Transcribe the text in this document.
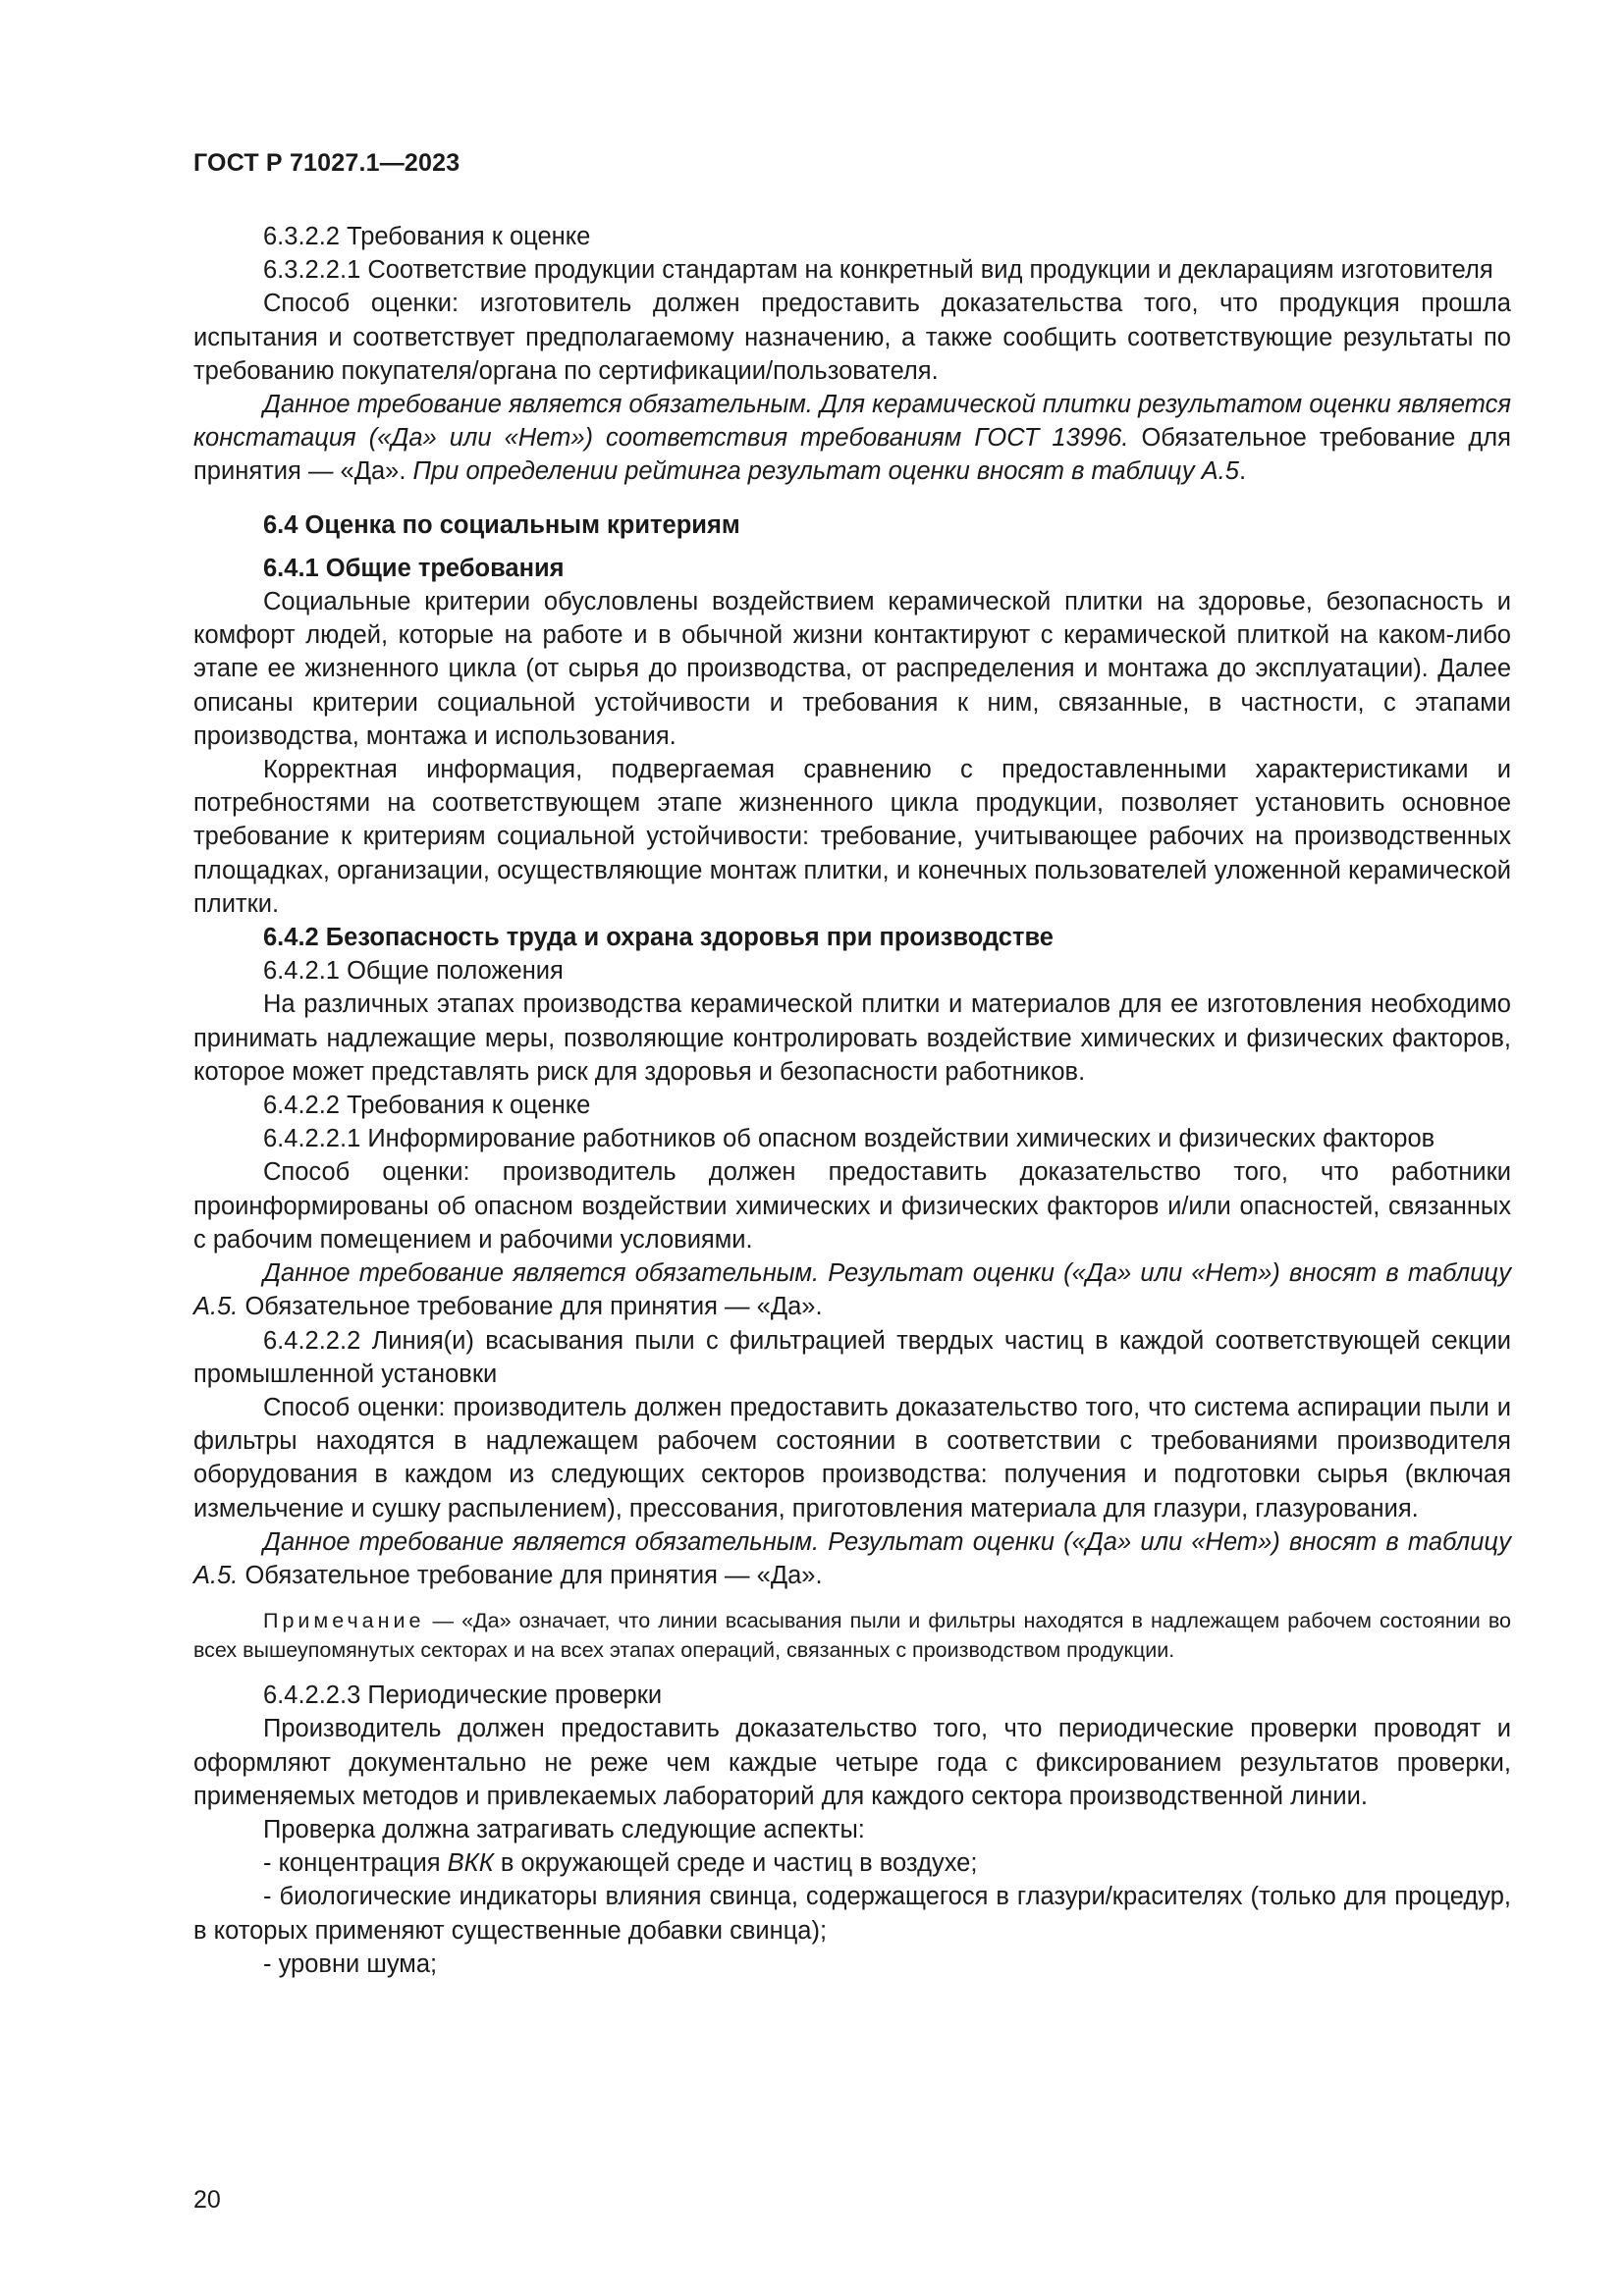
ГОСТ Р 71027.1—2023

6.3.2.2 Требования к оценке

6.3.2.2.1 Соответствие продукции стандартам на конкретный вид продукции и декларациям изготовителя

Способ оценки: изготовитель должен предоставить доказательства того, что продукция прошла испытания и соответствует предполагаемому назначению, а также сообщить соответствующие результаты по требованию покупателя/органа по сертификации/пользователя.

Данное требование является обязательным. Для керамической плитки результатом оценки является констатация («Да» или «Нет») соответствия требованиям ГОСТ 13996. Обязательное требование для принятия — «Да». При определении рейтинга результат оценки вносят в таблицу А.5.

6.4 Оценка по социальным критериям

6.4.1 Общие требования

Социальные критерии обусловлены воздействием керамической плитки на здоровье, безопасность и комфорт людей, которые на работе и в обычной жизни контактируют с керамической плиткой на каком-либо этапе ее жизненного цикла (от сырья до производства, от распределения и монтажа до эксплуатации). Далее описаны критерии социальной устойчивости и требования к ним, связанные, в частности, с этапами производства, монтажа и использования.

Корректная информация, подвергаемая сравнению с предоставленными характеристиками и потребностями на соответствующем этапе жизненного цикла продукции, позволяет установить основное требование к критериям социальной устойчивости: требование, учитывающее рабочих на производственных площадках, организации, осуществляющие монтаж плитки, и конечных пользователей уложенной керамической плитки.

6.4.2 Безопасность труда и охрана здоровья при производстве

6.4.2.1 Общие положения

На различных этапах производства керамической плитки и материалов для ее изготовления необходимо принимать надлежащие меры, позволяющие контролировать воздействие химических и физических факторов, которое может представлять риск для здоровья и безопасности работников.

6.4.2.2 Требования к оценке

6.4.2.2.1 Информирование работников об опасном воздействии химических и физических факторов

Способ оценки: производитель должен предоставить доказательство того, что работники проинформированы об опасном воздействии химических и физических факторов и/или опасностей, связанных с рабочим помещением и рабочими условиями.

Данное требование является обязательным. Результат оценки («Да» или «Нет») вносят в таблицу А.5. Обязательное требование для принятия — «Да».

6.4.2.2.2 Линия(и) всасывания пыли с фильтрацией твердых частиц в каждой соответствующей секции промышленной установки

Способ оценки: производитель должен предоставить доказательство того, что система аспирации пыли и фильтры находятся в надлежащем рабочем состоянии в соответствии с требованиями производителя оборудования в каждом из следующих секторов производства: получения и подготовки сырья (включая измельчение и сушку распылением), прессования, приготовления материала для глазури, глазурования.

Данное требование является обязательным. Результат оценки («Да» или «Нет») вносят в таблицу А.5. Обязательное требование для принятия — «Да».

Примечание — «Да» означает, что линии всасывания пыли и фильтры находятся в надлежащем рабочем состоянии во всех вышеупомянутых секторах и на всех этапах операций, связанных с производством продукции.

6.4.2.2.3 Периодические проверки

Производитель должен предоставить доказательство того, что периодические проверки проводят и оформляют документально не реже чем каждые четыре года с фиксированием результатов проверки, применяемых методов и привлекаемых лабораторий для каждого сектора производственной линии.

Проверка должна затрагивать следующие аспекты:

- концентрация ВКК в окружающей среде и частиц в воздухе;

- биологические индикаторы влияния свинца, содержащегося в глазури/красителях (только для процедур, в которых применяют существенные добавки свинца);

- уровни шума;

20
